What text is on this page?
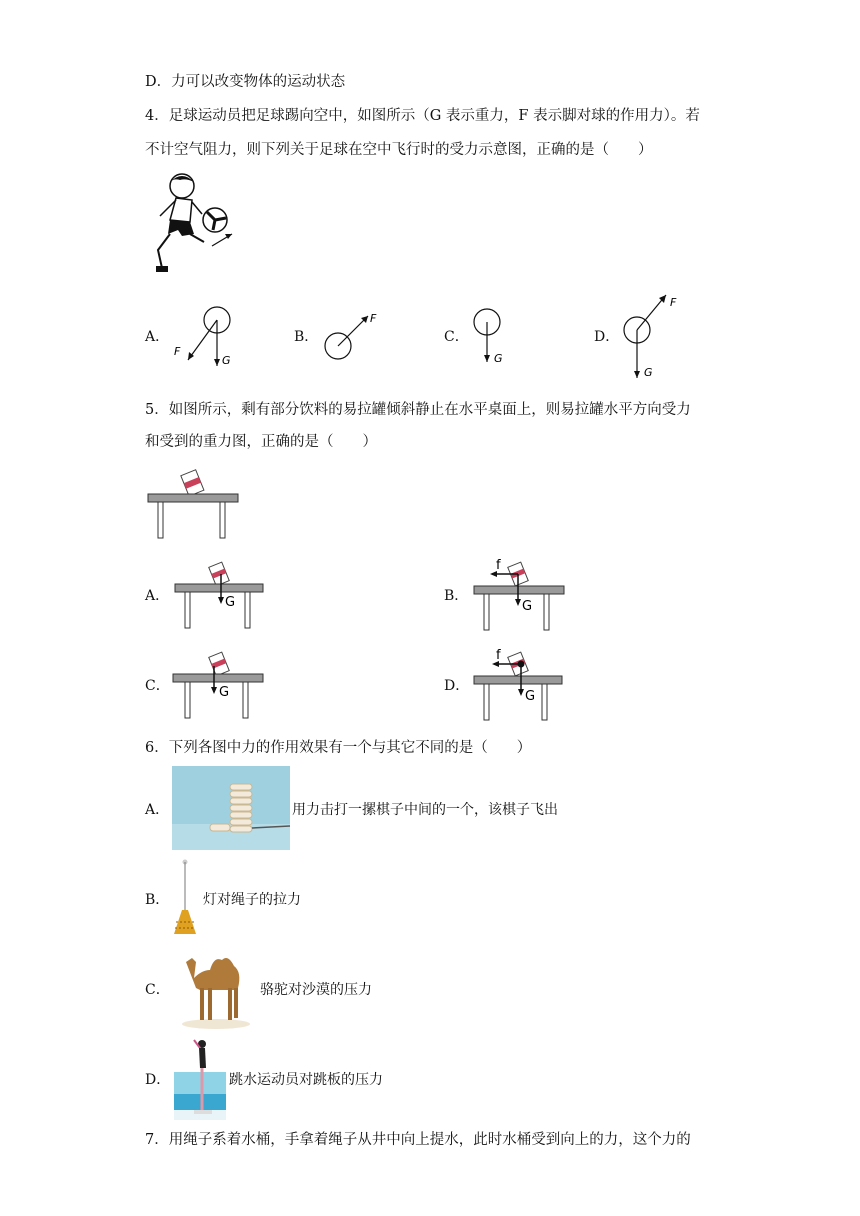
D．力可以改变物体的运动状态
4．足球运动员把足球踢向空中，如图所示（G 表示重力，F 表示脚对球的作用力）。若
不计空气阻力，则下列关于足球在空中飞行时的受力示意图，正确的是（　　）
A．
F
G
B．
F
C．
G
D．
F
G
5．如图所示，剩有部分饮料的易拉罐倾斜静止在水平桌面上，则易拉罐水平方向受力
和受到的重力图，正确的是（　　）
A．	G	B．
f
G
C．	G	D．
f
G
6．下列各图中力的作用效果有一个与其它不同的是（　　）
A．	用力击打一摞棋子中间的一个，该棋子飞出
B． 灯对绳子的拉力
C．	骆驼对沙漠的压力
D．	跳水运动员对跳板的压力
7．用绳子系着水桶，手拿着绳子从井中向上提水，此时水桶受到向上的力，这个力的
